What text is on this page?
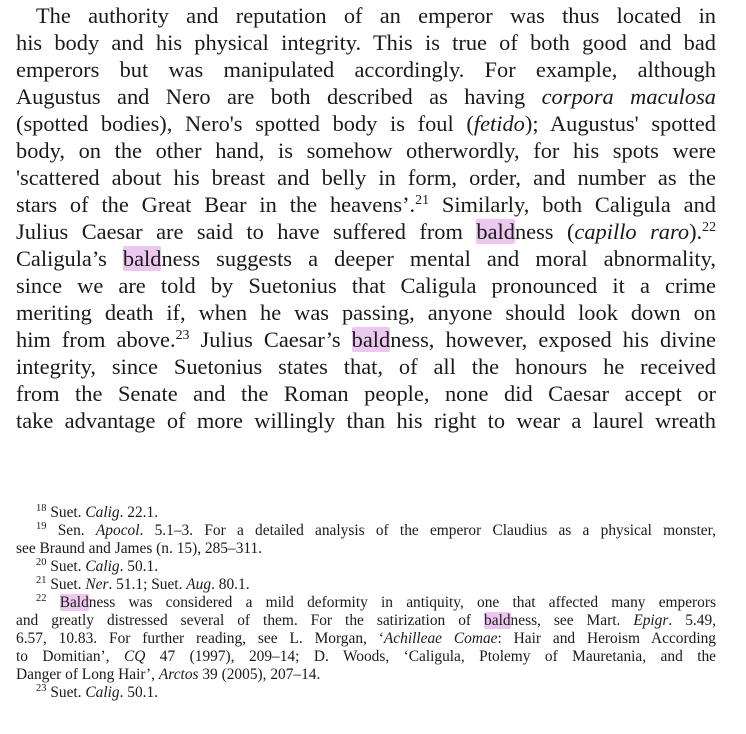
The authority and reputation of an emperor was thus located in
his body and his physical integrity. This is true of both good and bad
emperors but was manipulated accordingly. For example, although
Augustus and Nero are both described as having corpora maculosa
(spotted bodies), Nero's spotted body is foul (fetido); Augustus' spotted
body, on the other hand, is somehow otherwordly, for his spots were
'scattered about his breast and belly in form, order, and number as the
stars of the Great Bear in the heavens’.$^{21}$ Similarly, both Caligula and
Julius Caesar are said to have suffered from baldness (capillo raro).$^{22}$
Caligula’s baldness suggests a deeper mental and moral abnormality,
since we are told by Suetonius that Caligula pronounced it a crime
meriting death if, when he was passing, anyone should look down on
him from above.$^{23}$ Julius Caesar’s baldness, however, exposed his divine
integrity, since Suetonius states that, of all the honours he received
from the Senate and the Roman people, none did Caesar accept or
take advantage of more willingly than his right to wear a laurel wreath
$^{18}$ Suet. Calig. 22.1.
$^{19}$ Sen. Apocol. 5.1–3. For a detailed analysis of the emperor Claudius as a physical monster,
see Braund and James (n. 15), 285–311.
$^{20}$ Suet. Calig. 50.1.
$^{21}$ Suet. Ner. 51.1; Suet. Aug. 80.1.
$^{22}$ Baldness was considered a mild deformity in antiquity, one that affected many emperors
and greatly distressed several of them. For the satirization of baldness, see Mart. Epigr. 5.49,
6.57, 10.83. For further reading, see L. Morgan, ‘Achilleae Comae: Hair and Heroism According
to Domitian’, CQ 47 (1997), 209–14; D. Woods, ‘Caligula, Ptolemy of Mauretania, and the
Danger of Long Hair’, Arctos 39 (2005), 207–14.
$^{23}$ Suet. Calig. 50.1.
